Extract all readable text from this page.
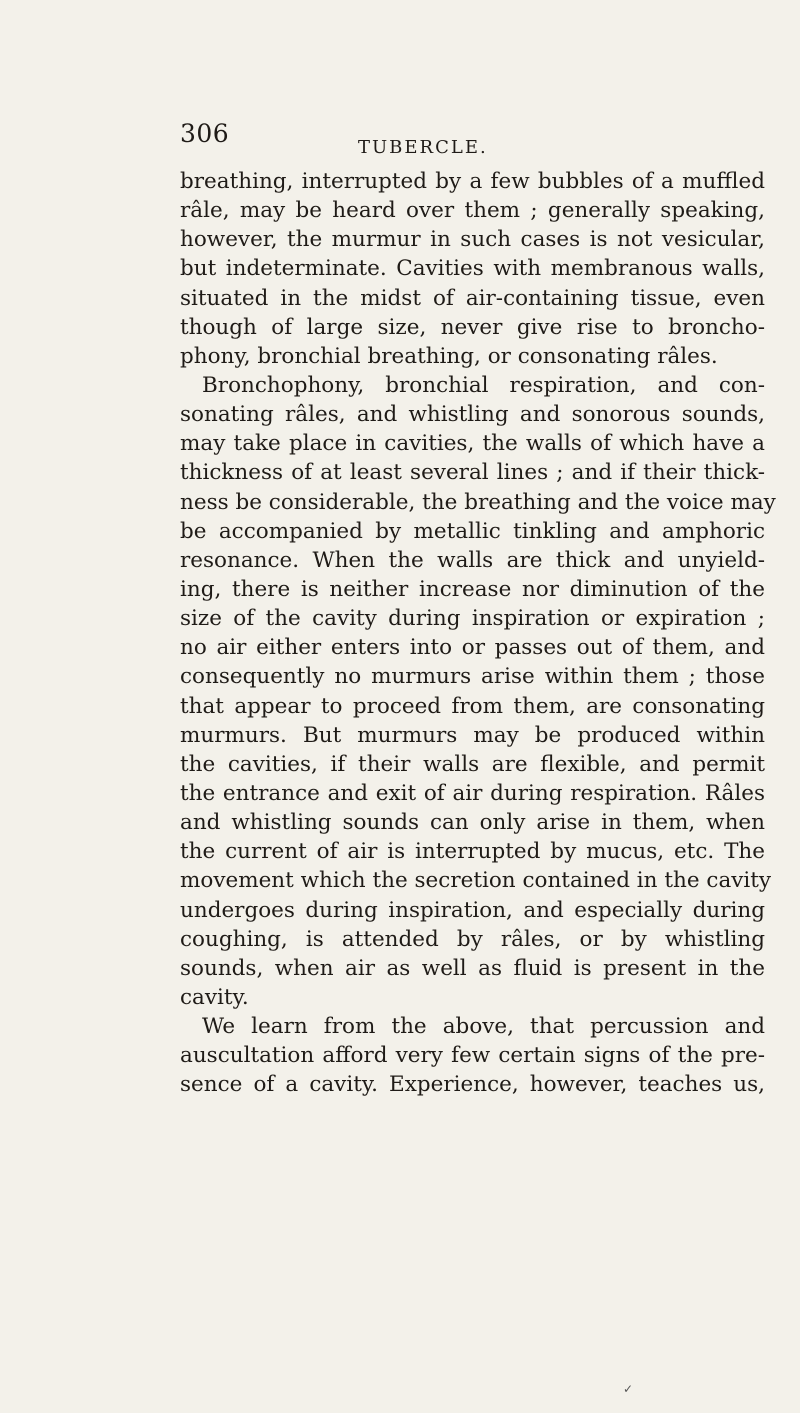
306	TUBERCLE.
breathing, interrupted by a few bubbles of a muffled
râle, may be heard over them ; generally speaking,
however, the murmur in such cases is not vesicular,
but indeterminate. Cavities with membranous walls,
situated in the midst of air-containing tissue, even
though of large size, never give rise to broncho-
phony, bronchial breathing, or consonating râles.
Bronchophony, bronchial respiration, and con-
sonating râles, and whistling and sonorous sounds,
may take place in cavities, the walls of which have a
thickness of at least several lines ; and if their thick-
ness be considerable, the breathing and the voice may
be accompanied by metallic tinkling and amphoric
resonance. When the walls are thick and unyield-
ing, there is neither increase nor diminution of the
size of the cavity during inspiration or expiration ;
no air either enters into or passes out of them, and
consequently no murmurs arise within them ; those
that appear to proceed from them, are consonating
murmurs. But murmurs may be produced within
the cavities, if their walls are flexible, and permit
the entrance and exit of air during respiration. Râles
and whistling sounds can only arise in them, when
the current of air is interrupted by mucus, etc. The
movement which the secretion contained in the cavity
undergoes during inspiration, and especially during
coughing, is attended by râles, or by whistling
sounds, when air as well as fluid is present in the
cavity.
We learn from the above, that percussion and
auscultation afford very few certain signs of the pre-
sence of a cavity. Experience, however, teaches us,
✓
